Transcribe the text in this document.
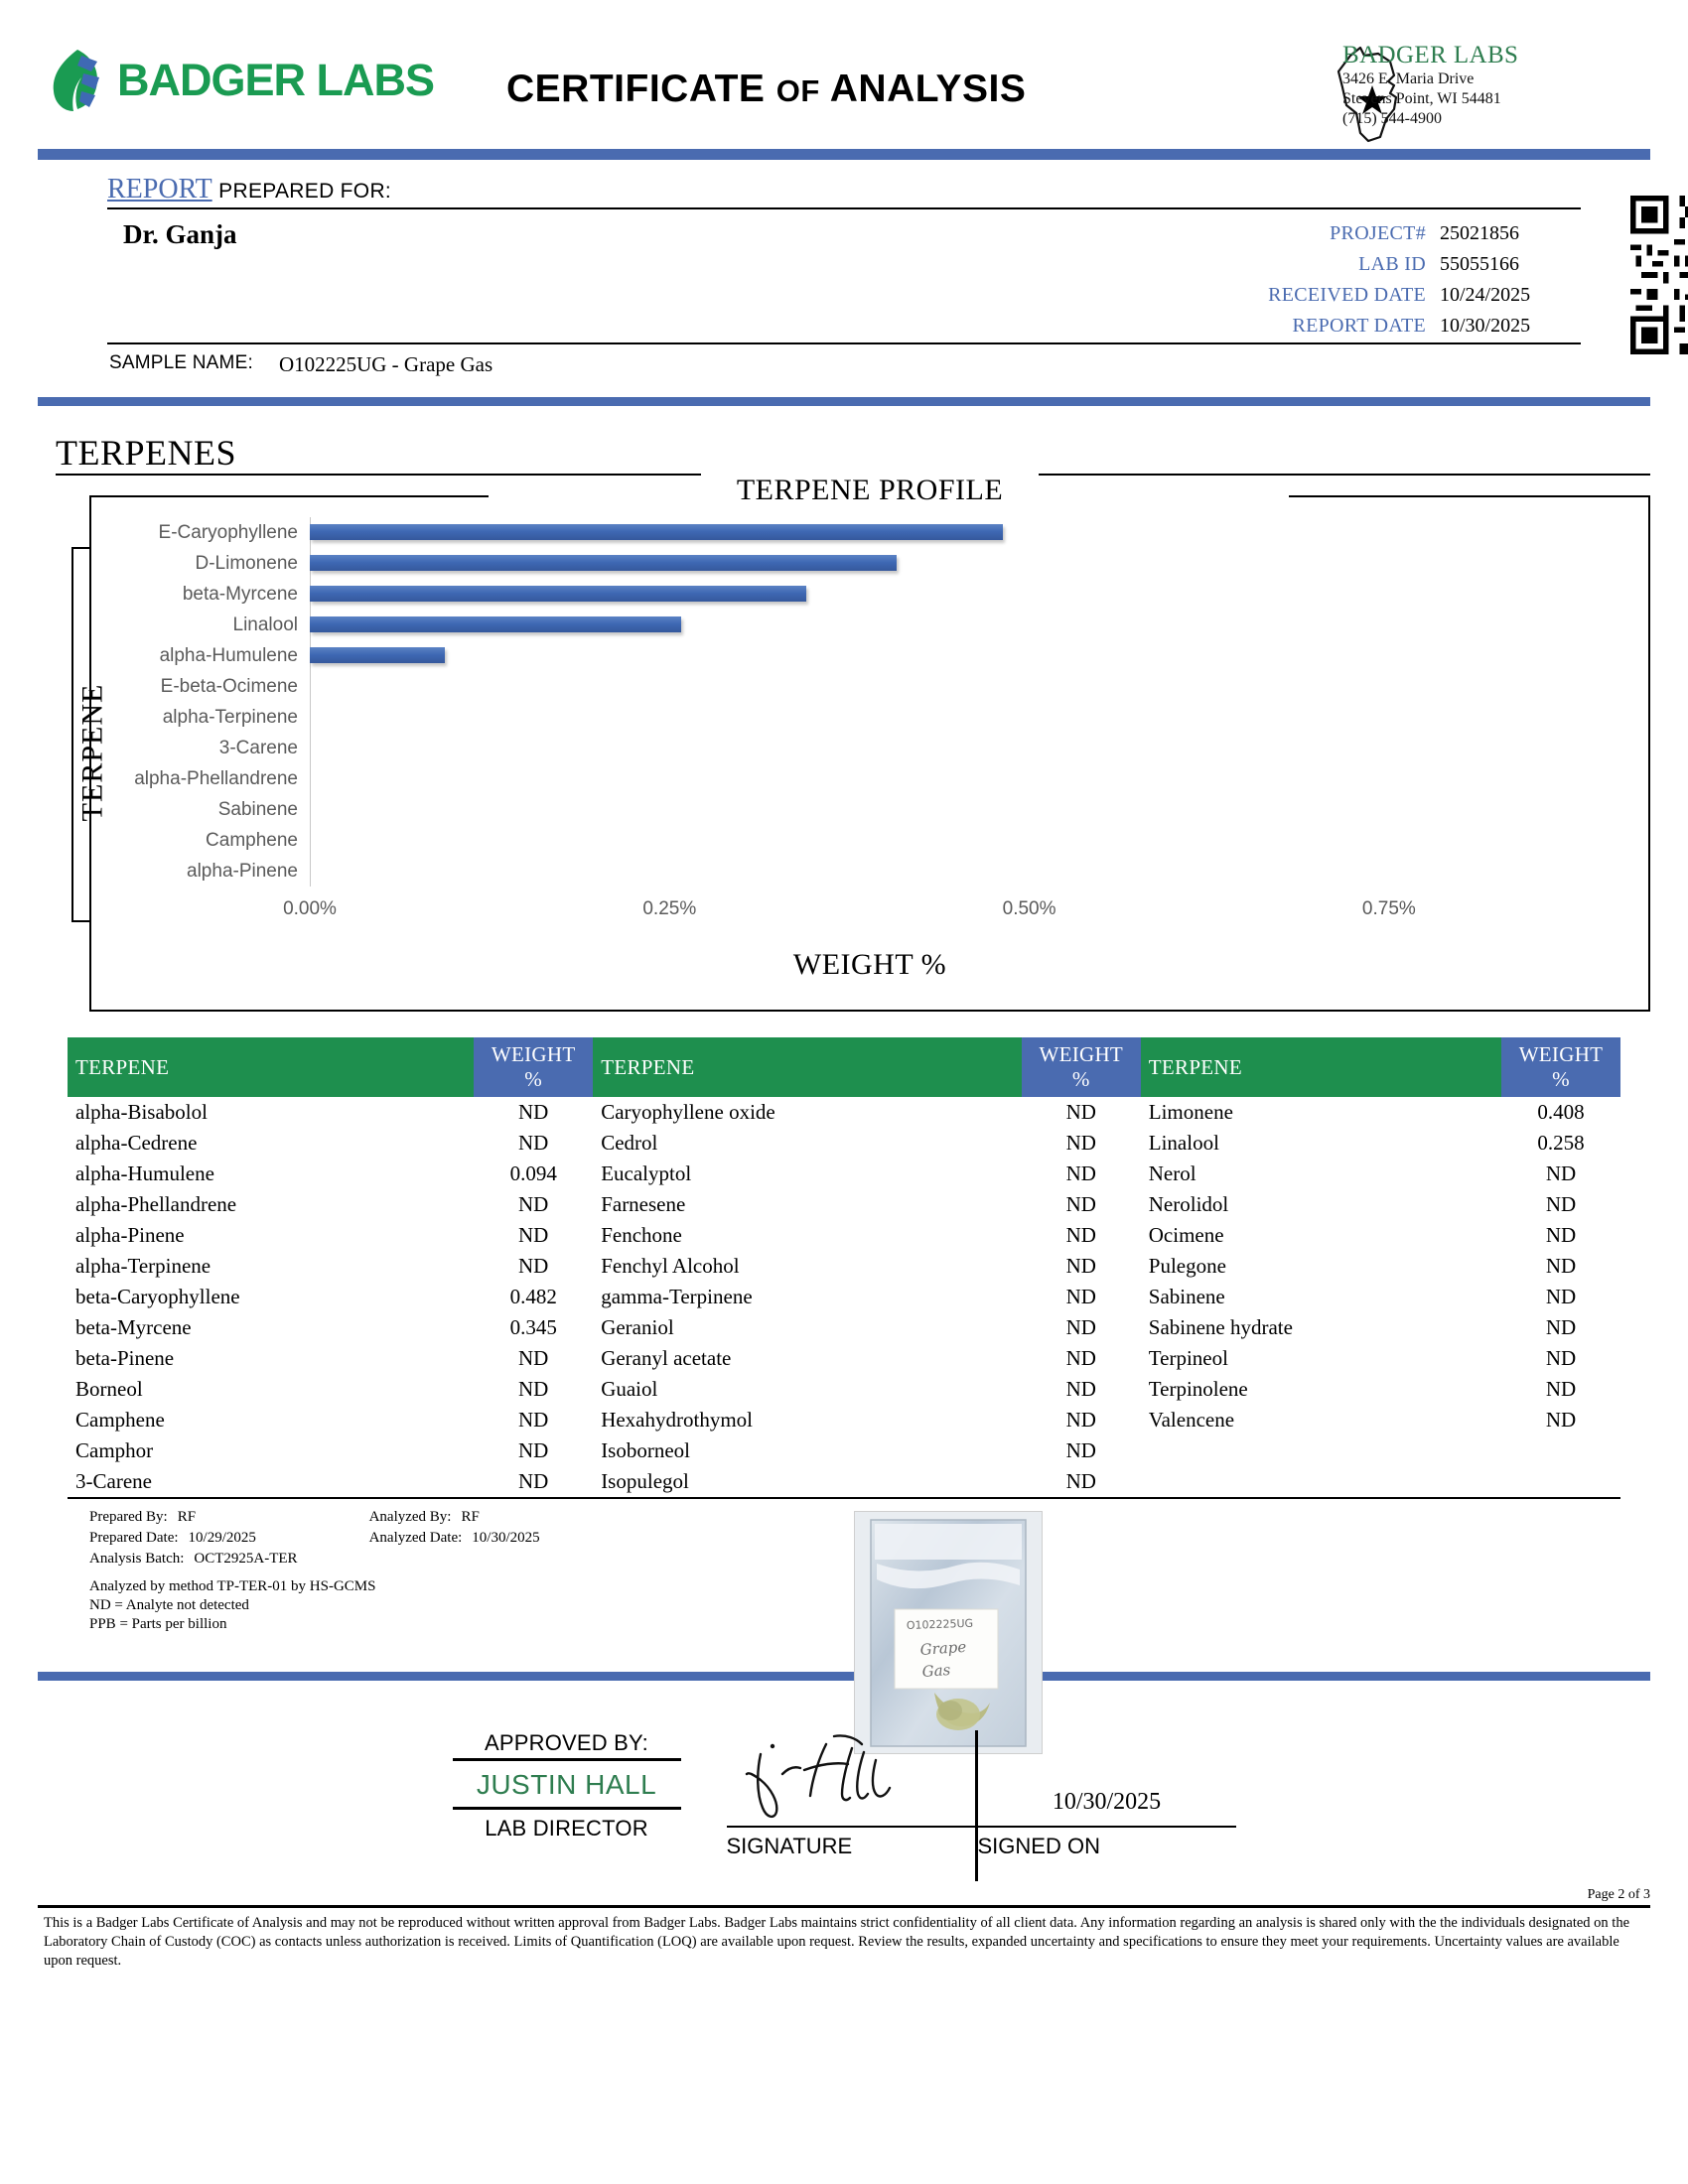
BADGER LABS CERTIFICATE OF ANALYSIS
BADGER LABS
3426 E. Maria Drive
Stevens Point, WI 54481
(715) 544-4900
REPORT PREPARED FOR:
Dr. Ganja	PROJECT#	25021856
LAB ID	55055166
RECEIVED DATE	10/24/2025
REPORT DATE	10/30/2025
SAMPLE NAME: O102225UG - Grape Gas
TERPENES
TERPENE PROFILE
TERPENE
E-Caryophyllene
D-Limonene
beta-Myrcene
Linalool
alpha-Humulene
E-beta-Ocimene
alpha-Terpinene
3-Carene
alpha-Phellandrene
Sabinene
Camphene
alpha-Pinene
0.00%	0.25%	0.50%	0.75%
WEIGHT %
TERPENE	WEIGHT %	TERPENE	WEIGHT %	TERPENE	WEIGHT %
alpha-Bisabolol	ND	Caryophyllene oxide	ND	Limonene	0.408
alpha-Cedrene	ND	Cedrol	ND	Linalool	0.258
alpha-Humulene	0.094	Eucalyptol	ND	Nerol	ND
alpha-Phellandrene	ND	Farnesene	ND	Nerolidol	ND
alpha-Pinene	ND	Fenchone	ND	Ocimene	ND
alpha-Terpinene	ND	Fenchyl Alcohol	ND	Pulegone	ND
beta-Caryophyllene	0.482	gamma-Terpinene	ND	Sabinene	ND
beta-Myrcene	0.345	Geraniol	ND	Sabinene hydrate	ND
beta-Pinene	ND	Geranyl acetate	ND	Terpineol	ND
Borneol	ND	Guaiol	ND	Terpinolene	ND
Camphene	ND	Hexahydrothymol	ND	Valencene	ND
Camphor	ND	Isoborneol	ND		
3-Carene	ND	Isopulegol	ND		
Prepared By: RF
Prepared Date: 10/29/2025
Analysis Batch: OCT2925A-TER
Analyzed By: RF
Analyzed Date: 10/30/2025
Analyzed by method TP-TER-01 by HS-GCMS
ND = Analyte not detected
PPB = Parts per billion	O102225UG
Grape
Gas
APPROVED BY:
JUSTIN HALL
LAB DIRECTOR
SIGNATURE
10/30/2025
SIGNED ON
Page 2 of 3
This is a Badger Labs Certificate of Analysis and may not be reproduced without written approval from Badger Labs. Badger Labs maintains strict confidentiality of all client data. Any information regarding an analysis is shared only with the the individuals designated on the Laboratory Chain of Custody (COC) as contacts unless authorization is received. Limits of Quantification (LOQ) are available upon request. Review the results, expanded uncertainty and specifications to ensure they meet your requirements. Uncertainty values are available upon request.
